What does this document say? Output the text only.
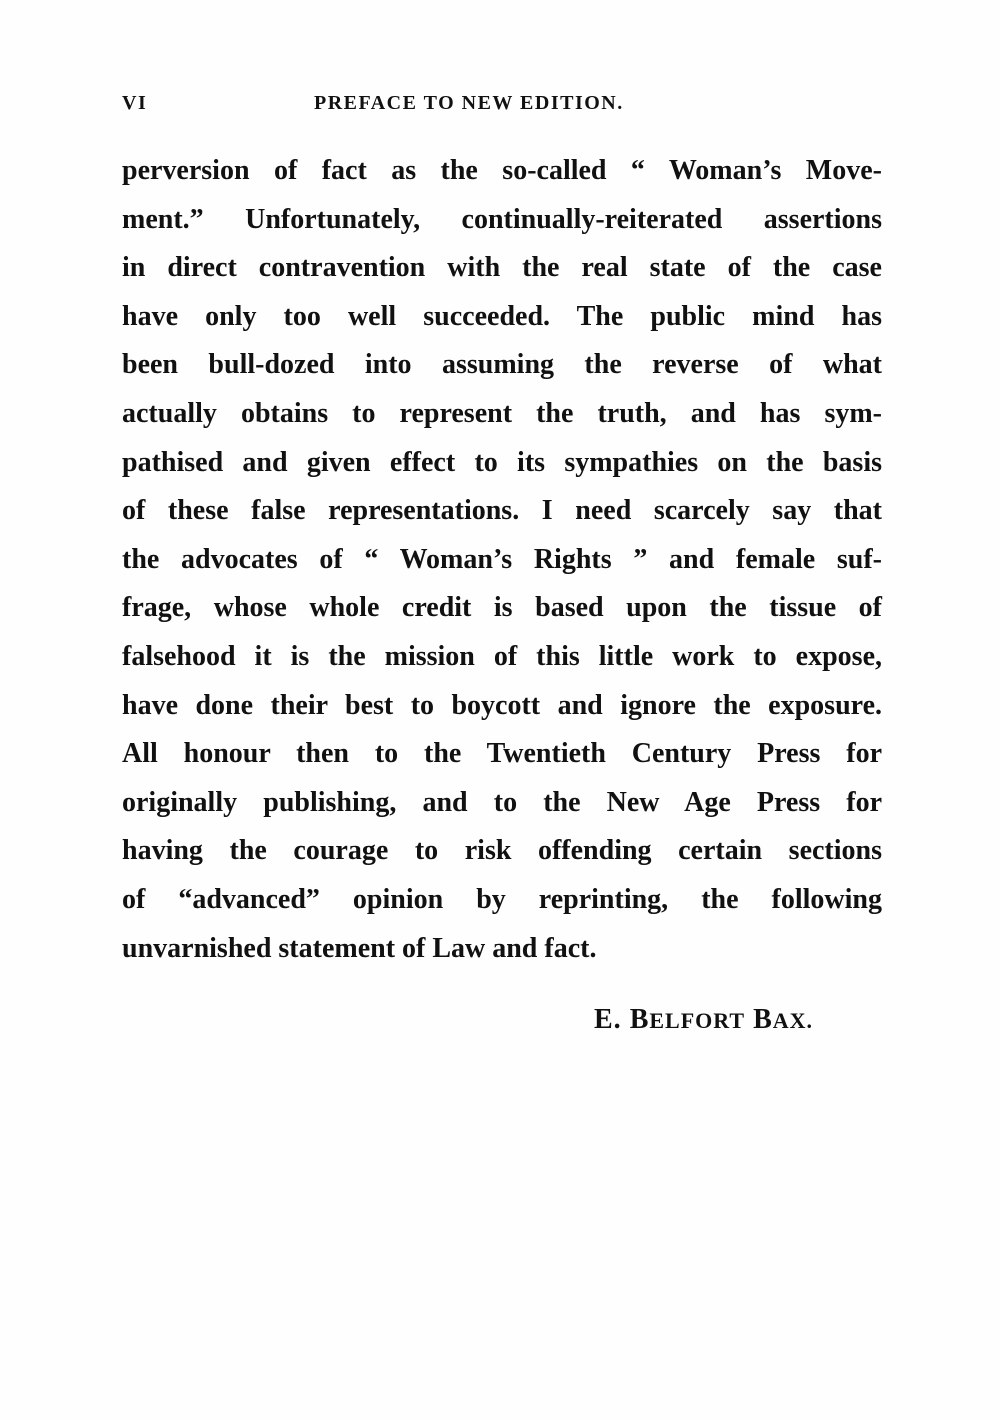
VI	PREFACE TO NEW EDITION.
perversion of fact as the so-called “ Woman’s Move-
ment.” Unfortunately, continually-reiterated assertions
in direct contravention with the real state of the case
have only too well succeeded. The public mind has
been bull-dozed into assuming the reverse of what
actually obtains to represent the truth, and has sym-
pathised and given effect to its sympathies on the basis
of these false representations. I need scarcely say that
the advocates of “ Woman’s Rights ” and female suf-
frage, whose whole credit is based upon the tissue of
falsehood it is the mission of this little work to expose,
have done their best to boycott and ignore the exposure.
All honour then to the Twentieth Century Press for
originally publishing, and to the New Age Press for
having the courage to risk offending certain sections
of “advanced” opinion by reprinting, the following
unvarnished statement of Law and fact.
E. BELFORT BAX.
